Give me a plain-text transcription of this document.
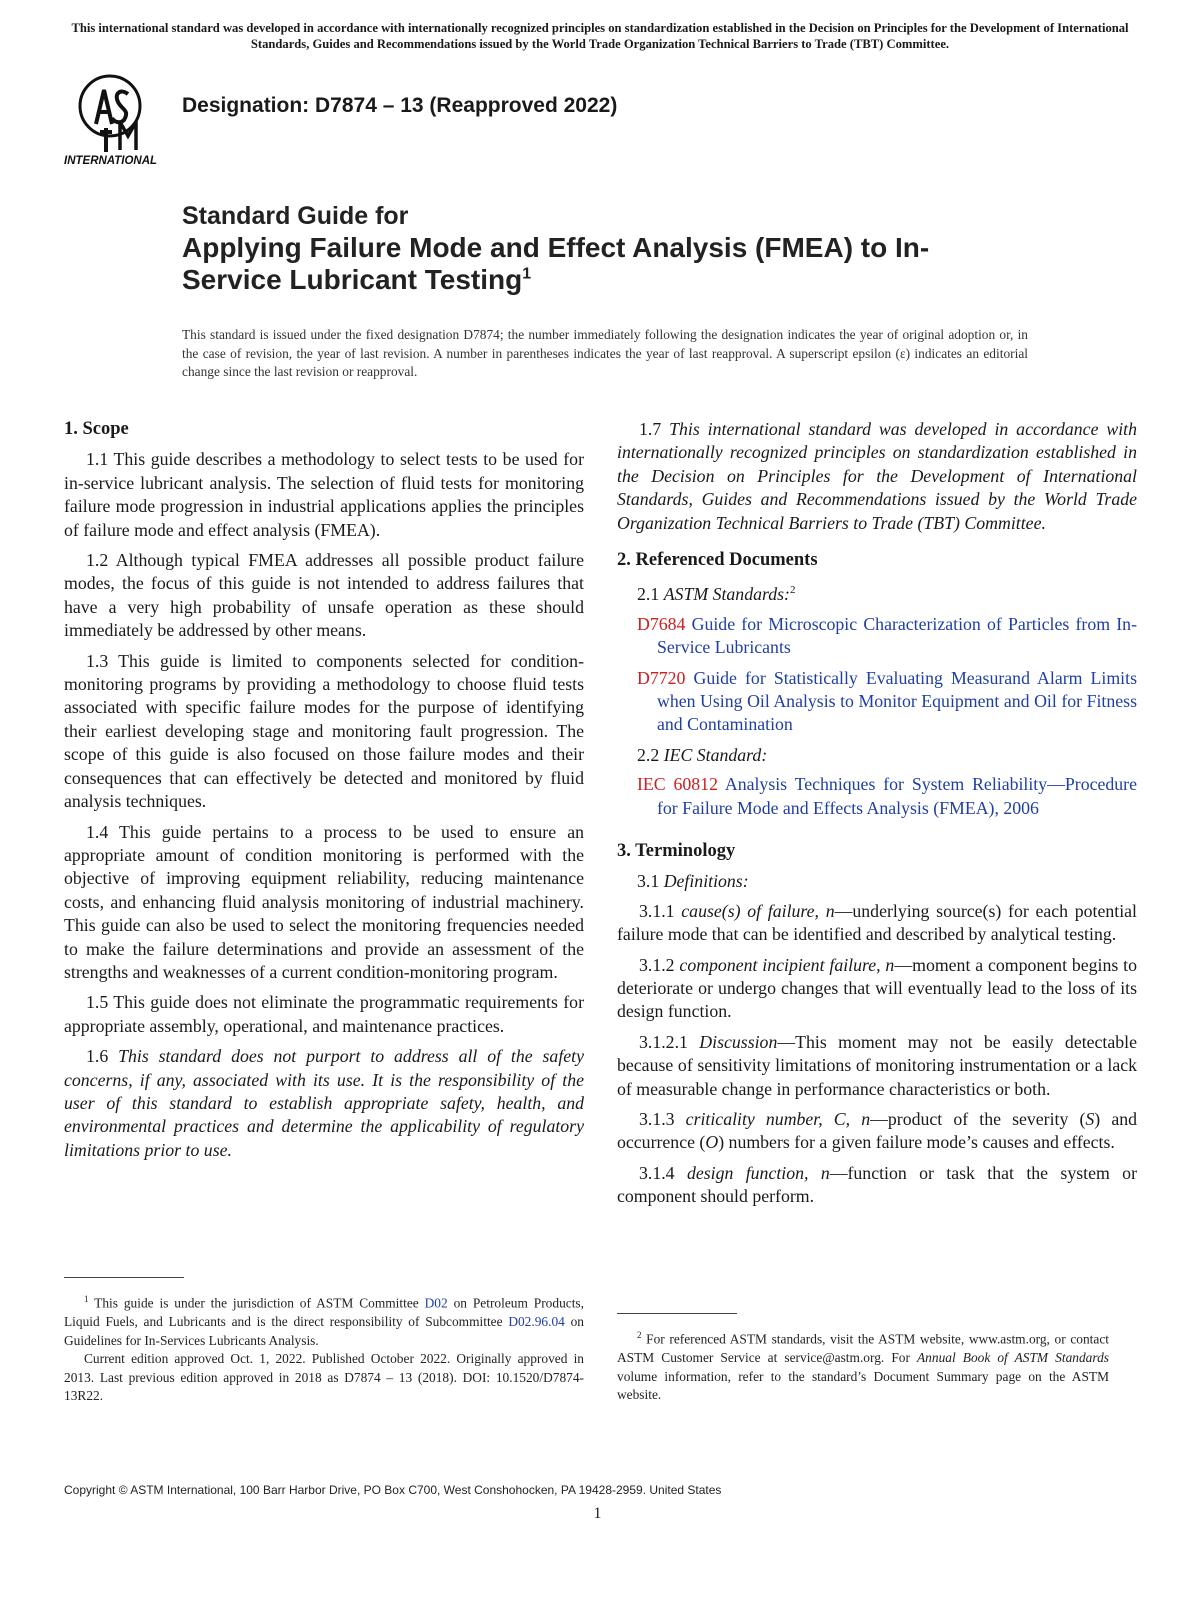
This international standard was developed in accordance with internationally recognized principles on standardization established in the Decision on Principles for the Development of International Standards, Guides and Recommendations issued by the World Trade Organization Technical Barriers to Trade (TBT) Committee.
INTERNATIONAL
Designation: D7874 – 13 (Reapproved 2022)
Standard Guide for
Applying Failure Mode and Effect Analysis (FMEA) to In-
Service Lubricant Testing$^1$
This standard is issued under the fixed designation D7874; the number immediately following the designation indicates the year of original adoption or, in the case of revision, the year of last revision. A number in parentheses indicates the year of last reapproval. A superscript epsilon (ε) indicates an editorial change since the last revision or reapproval.
1. Scope

1.1 This guide describes a methodology to select tests to be used for in-service lubricant analysis. The selection of fluid tests for monitoring failure mode progression in industrial applications applies the principles of failure mode and effect analysis (FMEA).

1.2 Although typical FMEA addresses all possible product failure modes, the focus of this guide is not intended to address failures that have a very high probability of unsafe operation as these should immediately be addressed by other means.

1.3 This guide is limited to components selected for condition-monitoring programs by providing a methodology to choose fluid tests associated with specific failure modes for the purpose of identifying their earliest developing stage and monitoring fault progression. The scope of this guide is also focused on those failure modes and their consequences that can effectively be detected and monitored by fluid analysis techniques.

1.4 This guide pertains to a process to be used to ensure an appropriate amount of condition monitoring is performed with the objective of improving equipment reliability, reducing maintenance costs, and enhancing fluid analysis monitoring of industrial machinery. This guide can also be used to select the monitoring frequencies needed to make the failure determinations and provide an assessment of the strengths and weaknesses of a current condition-monitoring program.

1.5 This guide does not eliminate the programmatic requirements for appropriate assembly, operational, and maintenance practices.

1.6 This standard does not purport to address all of the safety concerns, if any, associated with its use. It is the responsibility of the user of this standard to establish appropriate safety, health, and environmental practices and determine the applicability of regulatory limitations prior to use.

1.7 This international standard was developed in accordance with internationally recognized principles on standardization established in the Decision on Principles for the Development of International Standards, Guides and Recommendations issued by the World Trade Organization Technical Barriers to Trade (TBT) Committee.

2. Referenced Documents
2.1 ASTM Standards:$^2$
D7684 Guide for Microscopic Characterization of Particles from In-Service Lubricants
D7720 Guide for Statistically Evaluating Measurand Alarm Limits when Using Oil Analysis to Monitor Equipment and Oil for Fitness and Contamination
2.2 IEC Standard:
IEC 60812 Analysis Techniques for System Reliability—Procedure for Failure Mode and Effects Analysis (FMEA), 2006
3. Terminology
3.1 Definitions:

3.1.1 cause(s) of failure, n—underlying source(s) for each potential failure mode that can be identified and described by analytical testing.

3.1.2 component incipient failure, n—moment a component begins to deteriorate or undergo changes that will eventually lead to the loss of its design function.

3.1.2.1 Discussion—This moment may not be easily detectable because of sensitivity limitations of monitoring instrumentation or a lack of measurable change in performance characteristics or both.

3.1.3 criticality number, C, n—product of the severity (S) and occurrence (O) numbers for a given failure mode’s causes and effects.

3.1.4 design function, n—function or task that the system or component should perform.

$^1$ This guide is under the jurisdiction of ASTM Committee D02 on Petroleum Products, Liquid Fuels, and Lubricants and is the direct responsibility of Subcommittee D02.96.04 on Guidelines for In-Services Lubricants Analysis.

Current edition approved Oct. 1, 2022. Published October 2022. Originally approved in 2013. Last previous edition approved in 2018 as D7874 – 13 (2018). DOI: 10.1520/D7874-13R22.

$^2$ For referenced ASTM standards, visit the ASTM website, www.astm.org, or contact ASTM Customer Service at service@astm.org. For Annual Book of ASTM Standards volume information, refer to the standard’s Document Summary page on the ASTM website.

Copyright © ASTM International, 100 Barr Harbor Drive, PO Box C700, West Conshohocken, PA 19428-2959. United States
1
